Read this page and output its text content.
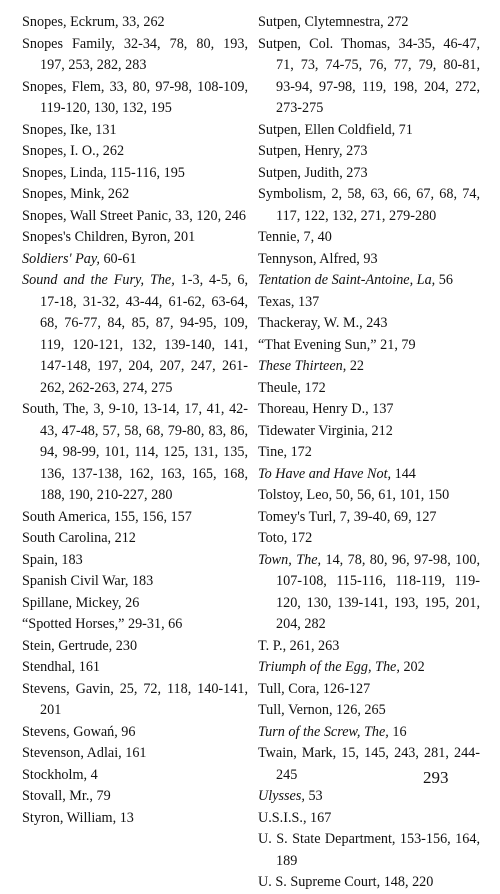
Snopes, Eckrum, 33, 262

Snopes Family, 32-34, 78, 80, 193, 197, 253, 282, 283

Snopes, Flem, 33, 80, 97-98, 108-109, 119-120, 130, 132, 195

Snopes, Ike, 131

Snopes, I. O., 262

Snopes, Linda, 115-116, 195

Snopes, Mink, 262

Snopes, Wall Street Panic, 33, 120, 246

Snopes's Children, Byron, 201

Soldiers' Pay, 60-61

Sound and the Fury, The, 1-3, 4-5, 6, 17-18, 31-32, 43-44, 61-62, 63-64, 68, 76-77, 84, 85, 87, 94-95, 109, 119, 120-121, 132, 139-140, 141, 147-148, 197, 204, 207, 247, 261-262, 262-263, 274, 275

South, The, 3, 9-10, 13-14, 17, 41, 42-43, 47-48, 57, 58, 68, 79-80, 83, 86, 94, 98-99, 101, 114, 125, 131, 135, 136, 137-138, 162, 163, 165, 168, 188, 190, 210-227, 280

South America, 155, 156, 157

South Carolina, 212

Spain, 183

Spanish Civil War, 183

Spillane, Mickey, 26

“Spotted Horses,” 29-31, 66

Stein, Gertrude, 230

Stendhal, 161

Stevens, Gavin, 25, 72, 118, 140-141, 201

Stevens, Gowań, 96

Stevenson, Adlai, 161

Stockholm, 4

Stovall, Mr., 79

Styron, William, 13

Sutpen, Clytemnestra, 272

Sutpen, Col. Thomas, 34-35, 46-47, 71, 73, 74-75, 76, 77, 79, 80-81, 93-94, 97-98, 119, 198, 204, 272, 273-275

Sutpen, Ellen Coldfield, 71

Sutpen, Henry, 273

Sutpen, Judith, 273

Symbolism, 2, 58, 63, 66, 67, 68, 74, 117, 122, 132, 271, 279-280

Tennie, 7, 40

Tennyson, Alfred, 93

Tentation de Saint-Antoine, La, 56

Texas, 137

Thackeray, W. M., 243

“That Evening Sun,” 21, 79

These Thirteen, 22

Theule, 172

Thoreau, Henry D., 137

Tidewater Virginia, 212

Tine, 172

To Have and Have Not, 144

Tolstoy, Leo, 50, 56, 61, 101, 150

Tomey's Turl, 7, 39-40, 69, 127

Toto, 172

Town, The, 14, 78, 80, 96, 97-98, 100, 107-108, 115-116, 118-119, 119-120, 130, 139-141, 193, 195, 201, 204, 282

T. P., 261, 263

Triumph of the Egg, The, 202

Tull, Cora, 126-127

Tull, Vernon, 126, 265

Turn of the Screw, The, 16

Twain, Mark, 15, 145, 243, 281, 244-245

Ulysses, 53

U.S.I.S., 167

U. S. State Department, 153-156, 164, 189

U. S. Supreme Court, 148, 220

293
